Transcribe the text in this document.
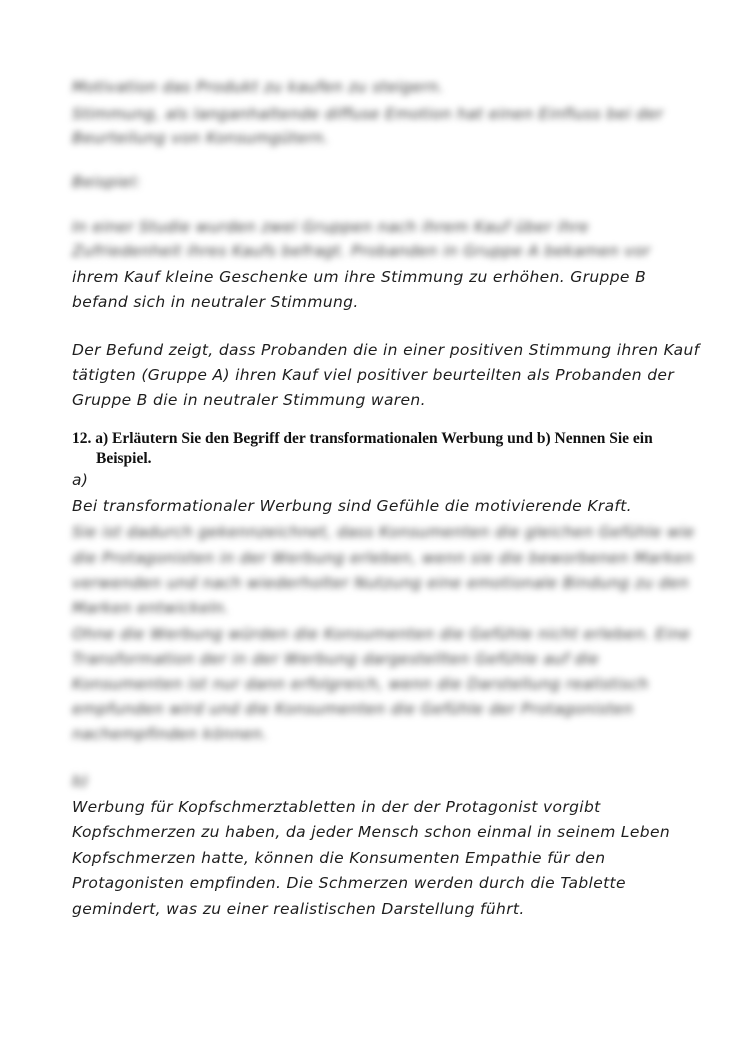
Motivation das Produkt zu kaufen zu steigern.
Stimmung, als langanhaltende diffuse Emotion hat einen Einfluss bei der
Beurteilung von Konsumgütern.
Beispiel:
In einer Studie wurden zwei Gruppen nach ihrem Kauf über ihre
Zufriedenheit ihres Kaufs befragt. Probanden in Gruppe A bekamen vor
ihrem Kauf kleine Geschenke um ihre Stimmung zu erhöhen. Gruppe B
befand sich in neutraler Stimmung.
Der Befund zeigt, dass Probanden die in einer positiven Stimmung ihren Kauf
tätigten (Gruppe A) ihren Kauf viel positiver beurteilten als Probanden der
Gruppe B die in neutraler Stimmung waren.
12. a) Erläutern Sie den Begriff der transformationalen Werbung und b) Nennen Sie ein
Beispiel.
a)
Bei transformationaler Werbung sind Gefühle die motivierende Kraft.
Sie ist dadurch gekennzeichnet, dass Konsumenten die gleichen Gefühle wie
die Protagonisten in der Werbung erleben, wenn sie die beworbenen Marken
verwenden und nach wiederholter Nutzung eine emotionale Bindung zu den
Marken entwickeln.
Ohne die Werbung würden die Konsumenten die Gefühle nicht erleben. Eine
Transformation der in der Werbung dargestellten Gefühle auf die
Konsumenten ist nur dann erfolgreich, wenn die Darstellung realistisch
empfunden wird und die Konsumenten die Gefühle der Protagonisten
nachempfinden können.
b)
Werbung für Kopfschmerztabletten in der der Protagonist vorgibt
Kopfschmerzen zu haben, da jeder Mensch schon einmal in seinem Leben
Kopfschmerzen hatte, können die Konsumenten Empathie für den
Protagonisten empfinden. Die Schmerzen werden durch die Tablette
gemindert, was zu einer realistischen Darstellung führt.
